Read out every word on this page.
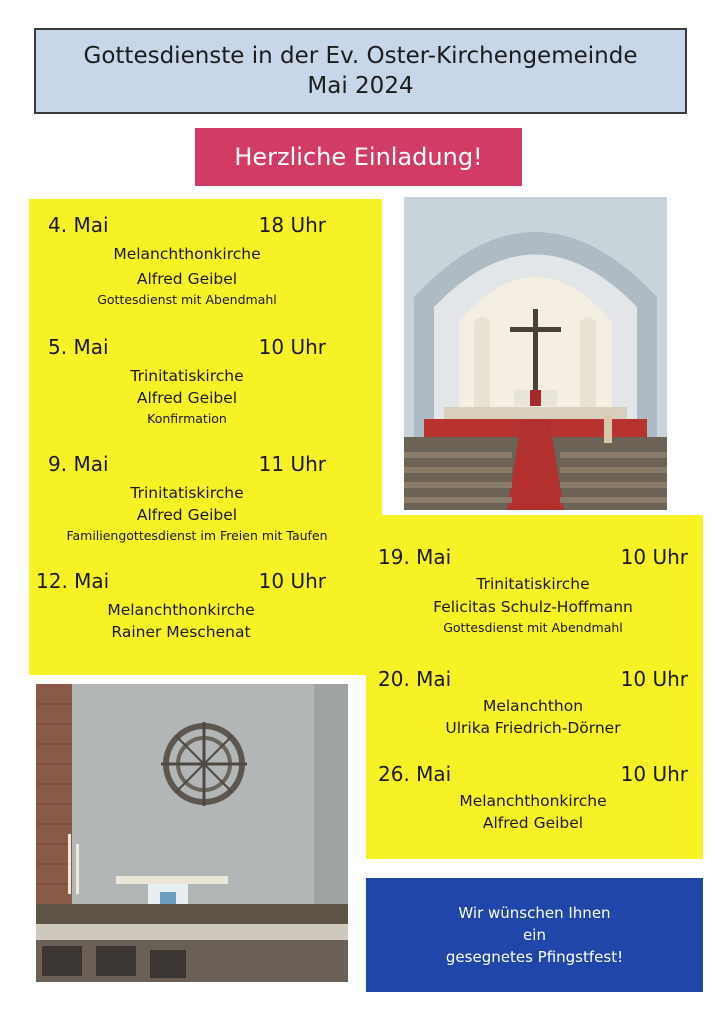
Gottesdienste in der Ev. Oster-Kirchengemeinde
Mai 2024
Herzliche Einladung!
4. Mai	18 Uhr
Melanchthonkirche
Alfred Geibel
Gottesdienst mit Abendmahl
5. Mai	10 Uhr
Trinitatiskirche
Alfred Geibel
Konfirmation
9. Mai	11 Uhr
Trinitatiskirche
Alfred Geibel
Familiengottesdienst im Freien mit Taufen
12. Mai	10 Uhr
Melanchthonkirche
Rainer Meschenat
19. Mai	10 Uhr
Trinitatiskirche
Felicitas Schulz-Hoffmann
Gottesdienst mit Abendmahl
20. Mai	10 Uhr
Melanchthon
Ulrika Friedrich-Dörner
26. Mai	10 Uhr
Melanchthonkirche
Alfred Geibel
Wir wünschen Ihnen
ein
gesegnetes Pfingstfest!
